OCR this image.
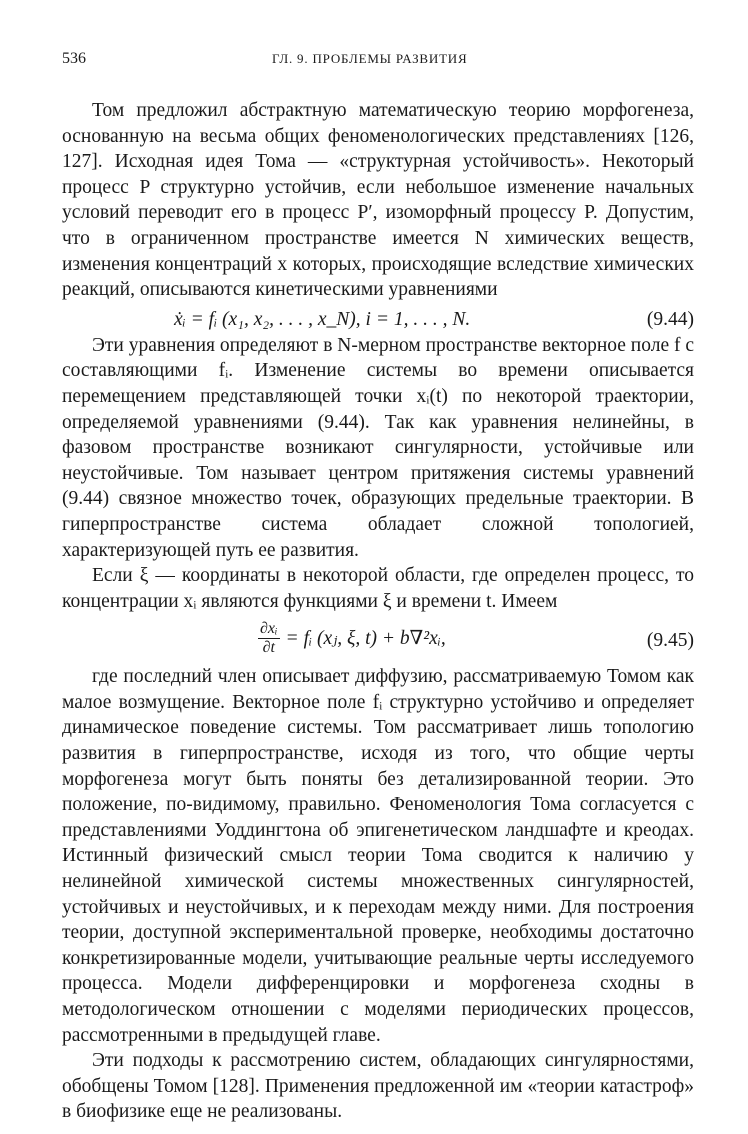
536	ГЛ. 9. ПРОБЛЕМЫ РАЗВИТИЯ

Том предложил абстрактную математическую теорию морфогенеза, основанную на весьма общих феноменологических представлениях [126, 127]. Исходная идея Тома — «структурная устойчивость». Некоторый процесс P структурно устойчив, если небольшое изменение начальных условий переводит его в процесс P′, изоморфный процессу P. Допустим, что в ограниченном пространстве имеется N химических веществ, изменения концентраций x которых, происходящие вследствие химических реакций, описываются кинетическими уравнениями

ẋᵢ = fᵢ (x₁, x₂, . . . , x_N), i = 1, . . . , N.	(9.44)

Эти уравнения определяют в N-мерном пространстве векторное поле f с составляющими fᵢ. Изменение системы во времени описывается перемещением представляющей точки xᵢ(t) по некоторой траектории, определяемой уравнениями (9.44). Так как уравнения нелинейны, в фазовом пространстве возникают сингулярности, устойчивые или неустойчивые. Том называет центром притяжения системы уравнений (9.44) связное множество точек, образующих предельные траектории. В гиперпространстве система обладает сложной топологией, характеризующей путь ее развития.

Если ξ — координаты в некоторой области, где определен процесс, то концентрации xᵢ являются функциями ξ и времени t. Имеем

$\frac{\text{∂xᵢ}}{\partial t}$ = fᵢ (xⱼ, ξ, t) + b∇²xᵢ,	(9.45)

где последний член описывает диффузию, рассматриваемую Томом как малое возмущение. Векторное поле fᵢ структурно устойчиво и определяет динамическое поведение системы. Том рассматривает лишь топологию развития в гиперпространстве, исходя из того, что общие черты морфогенеза могут быть поняты без детализированной теории. Это положение, по-видимому, правильно. Феноменология Тома согласуется с представлениями Уоддингтона об эпигенетическом ландшафте и креодах. Истинный физический смысл теории Тома сводится к наличию у нелинейной химической системы множественных сингулярностей, устойчивых и неустойчивых, и к переходам между ними. Для построения теории, доступной экспериментальной проверке, необходимы достаточно конкретизированные модели, учитывающие реальные черты исследуемого процесса. Модели дифференцировки и морфогенеза сходны в методологическом отношении с моделями периодических процессов, рассмотренными в предыдущей главе.

Эти подходы к рассмотрению систем, обладающих сингулярностями, обобщены Томом [128]. Применения предложенной им «теории катастроф» в биофизике еще не реализованы.
